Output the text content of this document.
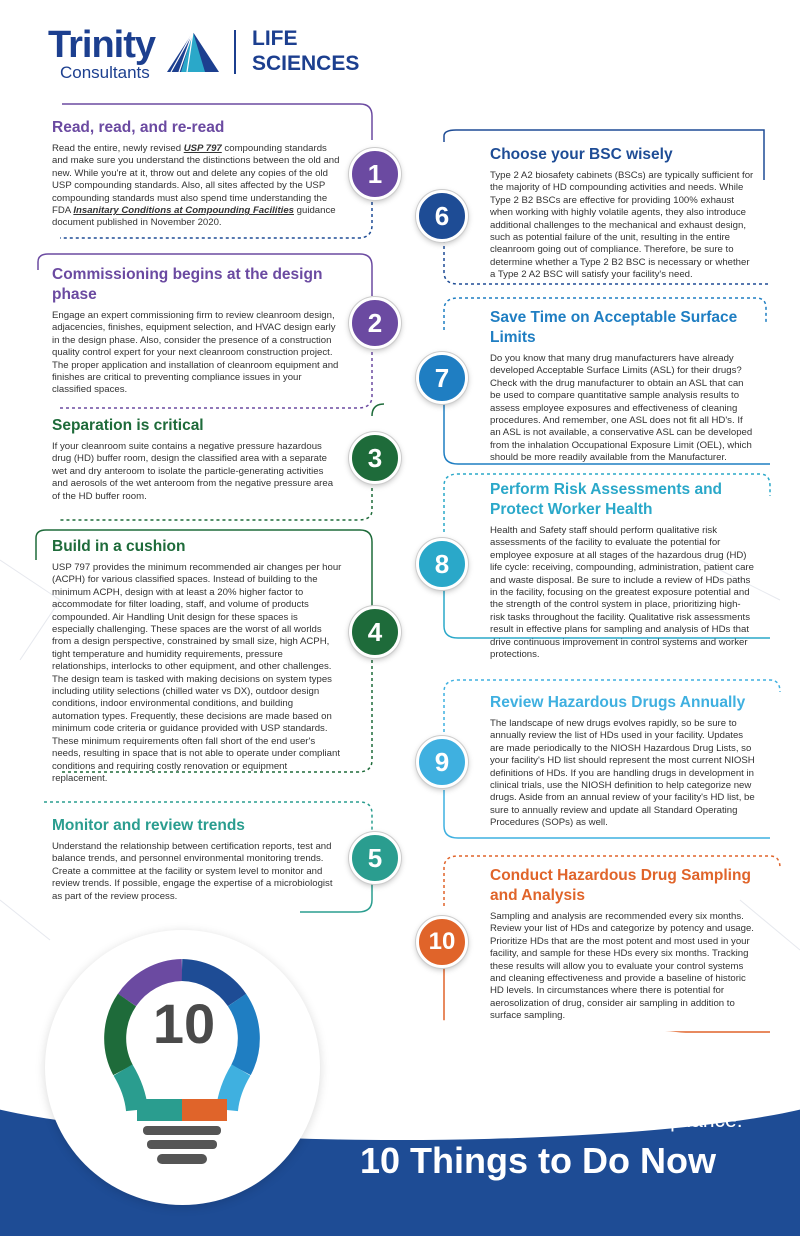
Trinity
Consultants
LIFE
SCIENCES
Read, read, and re-read
Read the entire, newly revised USP 797 compounding standards and make sure you understand the distinctions between the old and new. While you're at it, throw out and delete any copies of the old USP compounding standards. Also, all sites affected by the USP compounding standards must also spend time understanding the FDA Insanitary Conditions at Compounding Facilities guidance document published in November 2020.
1
Commissioning begins at the design phase
Engage an expert commissioning firm to review cleanroom design, adjacencies, finishes, equipment selection, and HVAC design early in the design phase. Also, consider the presence of a construction quality control expert for your next cleanroom construction project. The proper application and installation of cleanroom equipment and finishes are critical to preventing compliance issues in your classified spaces.
2
Separation is critical
If your cleanroom suite contains a negative pressure hazardous drug (HD) buffer room, design the classified area with a separate wet and dry anteroom to isolate the particle-generating activities and aerosols of the wet anteroom from the negative pressure area of the HD buffer room.
3
Build in a cushion
USP 797 provides the minimum recommended air changes per hour (ACPH) for various classified spaces. Instead of building to the minimum ACPH, design with at least a 20% higher factor to accommodate for filter loading, staff, and volume of products compounded. Air Handling Unit design for these spaces is especially challenging. These spaces are the worst of all worlds from a design perspective, constrained by small size, high ACPH, tight temperature and humidity requirements, pressure relationships, interlocks to other equipment, and other challenges. The design team is tasked with making decisions on system types including utility selections (chilled water vs DX), outdoor design conditions, indoor environmental conditions, and building automation types. Frequently, these decisions are made based on minimum code criteria or guidance provided with USP standards. These minimum requirements often fall short of the end user's needs, resulting in space that is not able to operate under compliant conditions and requiring costly renovation or equipment replacement.
4
Monitor and review trends
Understand the relationship between certification reports, test and balance trends, and personnel environmental monitoring trends. Create a committee at the facility or system level to monitor and review trends. If possible, engage the expertise of a microbiologist as part of the review process.
5
Choose your BSC wisely
Type 2 A2 biosafety cabinets (BSCs) are typically sufficient for the majority of HD compounding activities and needs. While Type 2 B2 BSCs are effective for providing 100% exhaust when working with highly volatile agents, they also introduce additional challenges to the mechanical and exhaust design, such as potential failure of the unit, resulting in the entire cleanroom going out of compliance. Therefore, be sure to determine whether a Type 2 B2 BSC is necessary or whether a Type 2 A2 BSC will satisfy your facility's need.
6
Save Time on Acceptable Surface Limits
Do you know that many drug manufacturers have already developed Acceptable Surface Limits (ASL) for their drugs? Check with the drug manufacturer to obtain an ASL that can be used to compare quantitative sample analysis results to assess employee exposures and effectiveness of cleaning procedures. And remember, one ASL does not fit all HD's. If an ASL is not available, a conservative ASL can be developed from the inhalation Occupational Exposure Limit (OEL), which should be more readily available from the Manufacturer.
7
Perform Risk Assessments and Protect Worker Health
Health and Safety staff should perform qualitative risk assessments of the facility to evaluate the potential for employee exposure at all stages of the hazardous drug (HD) life cycle: receiving, compounding, administration, patient care and waste disposal. Be sure to include a review of HDs paths in the facility, focusing on the greatest exposure potential and the strength of the control system in place, prioritizing high-risk tasks throughout the facility. Qualitative risk assessments result in effective plans for sampling and analysis of HDs that drive continuous improvement in control systems and worker protections.
8
Review Hazardous Drugs Annually
The landscape of new drugs evolves rapidly, so be sure to annually review the list of HDs used in your facility. Updates are made periodically to the NIOSH Hazardous Drug Lists, so your facility's HD list should represent the most current NIOSH definitions of HDs. If you are handling drugs in development in clinical trials, use the NIOSH definition to help categorize new drugs. Aside from an annual review of your facility's HD list, be sure to annually review and update all Standard Operating Procedures (SOPs) as well.
9
Conduct Hazardous Drug Sampling and Analysis
Sampling and analysis are recommended every six months. Review your list of HDs and categorize by potency and usage. Prioritize HDs that are the most potent and most used in your facility, and sample for these HDs every six months. Tracking these results will allow you to evaluate your control systems and cleaning effectiveness and provide a baseline of historic HD levels. In circumstances where there is potential for aerosolization of drug, consider air sampling in addition to surface sampling.
10
Countdown to USP 797/800 Compliance:
10 Things to Do Now
10
